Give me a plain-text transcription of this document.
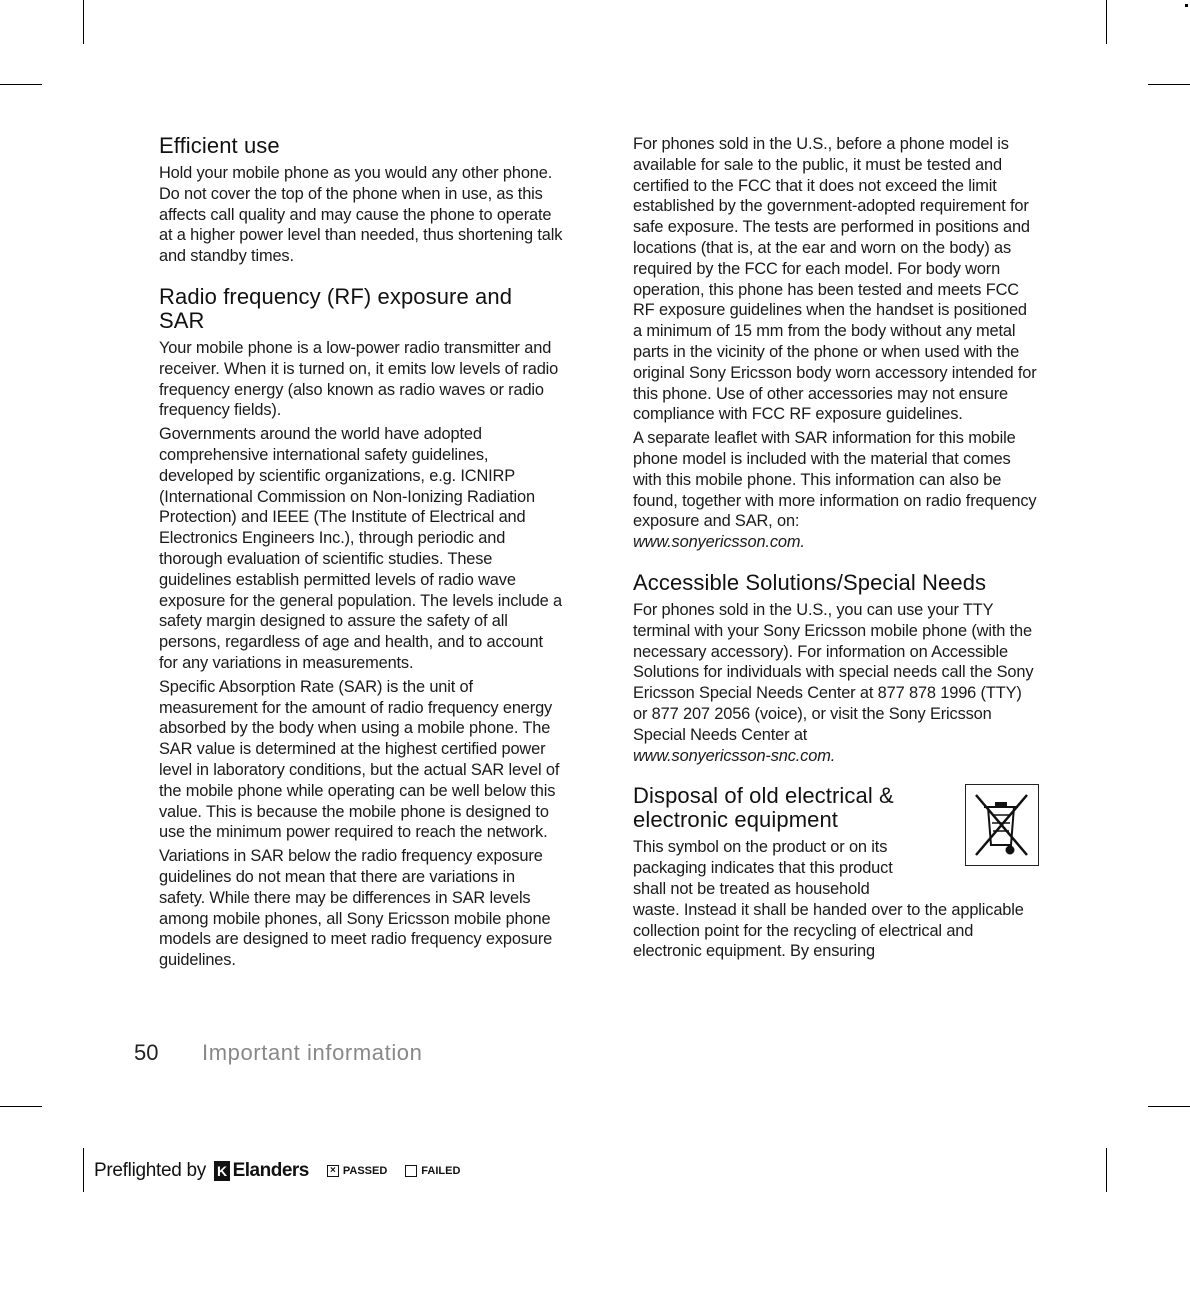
Efficient use

Hold your mobile phone as you would any other phone. Do not cover the top of the phone when in use, as this affects call quality and may cause the phone to operate at a higher power level than needed, thus shortening talk and standby times.

Radio frequency (RF) exposure and SAR

Your mobile phone is a low-power radio transmitter and receiver. When it is turned on, it emits low levels of radio frequency energy (also known as radio waves or radio frequency fields).

Governments around the world have adopted comprehensive international safety guidelines, developed by scientific organizations, e.g. ICNIRP (International Commission on Non-Ionizing Radiation Protection) and IEEE (The Institute of Electrical and Electronics Engineers Inc.), through periodic and thorough evaluation of scientific studies. These guidelines establish permitted levels of radio wave exposure for the general population. The levels include a safety margin designed to assure the safety of all persons, regardless of age and health, and to account for any variations in measurements.

Specific Absorption Rate (SAR) is the unit of measurement for the amount of radio frequency energy absorbed by the body when using a mobile phone. The SAR value is determined at the highest certified power level in laboratory conditions, but the actual SAR level of the mobile phone while operating can be well below this value. This is because the mobile phone is designed to use the minimum power required to reach the network.

Variations in SAR below the radio frequency exposure guidelines do not mean that there are variations in safety. While there may be differences in SAR levels among mobile phones, all Sony Ericsson mobile phone models are designed to meet radio frequency exposure guidelines.

For phones sold in the U.S., before a phone model is available for sale to the public, it must be tested and certified to the FCC that it does not exceed the limit established by the government-adopted requirement for safe exposure. The tests are performed in positions and locations (that is, at the ear and worn on the body) as required by the FCC for each model. For body worn operation, this phone has been tested and meets FCC RF exposure guidelines when the handset is positioned a minimum of 15 mm from the body without any metal parts in the vicinity of the phone or when used with the original Sony Ericsson body worn accessory intended for this phone. Use of other accessories may not ensure compliance with FCC RF exposure guidelines.

A separate leaflet with SAR information for this mobile phone model is included with the material that comes with this mobile phone. This information can also be found, together with more information on radio frequency exposure and SAR, on:
www.sonyericsson.com.

Accessible Solutions/Special Needs

For phones sold in the U.S., you can use your TTY terminal with your Sony Ericsson mobile phone (with the necessary accessory). For information on Accessible Solutions for individuals with special needs call the Sony Ericsson Special Needs Center at 877 878 1996 (TTY) or 877 207 2056 (voice), or visit the Sony Ericsson Special Needs Center at
www.sonyericsson-snc.com.

Disposal of old electrical & electronic equipment

This symbol on the product or on its
packaging indicates that this product
shall not be treated as household
waste. Instead it shall be handed over to the applicable collection point for the recycling of electrical and electronic equipment. By ensuring

50 Important information
Preflighted by K Elanders	× PASSED	FAILED
